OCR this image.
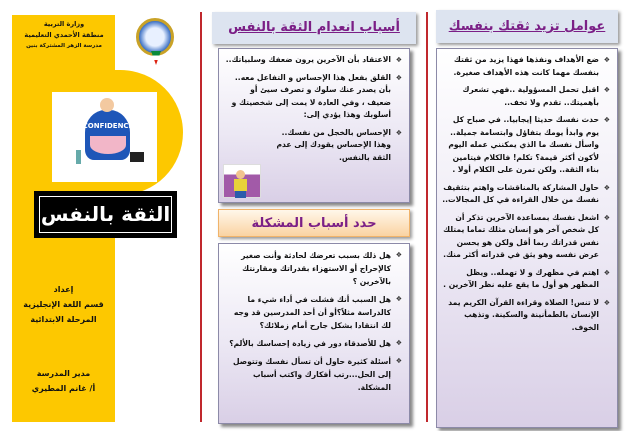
وزارة التربية
منطقة الأحمدي التعليمية
مدرسة الزهر المشتركة بنين
CONFIDENCE
الثقة بالنفس
إعداد
قسم اللغة الإنجليزية
المرحلة الابتدائية
مدير المدرسة
أ/ غانم المطيري
أسباب انعدام الثقة بالنفس
❖ الاعتقاد بأن الآخرين يرون ضعفك وسلبياتك..
❖ القلق بفعل هذا الإحساس و التفاعل معه.. بأن يصدر عنك سلوك و تصرف سيئ أو ضعيف ، وفي العادة لا يمت إلى شخصيتك و أسلوبك وهذا يؤدي إلى:
❖ الإحساس بالخجل من نفسك.. وهذا الإحساس يقودك إلى عدم الثقة بالنفس.
حدد أسباب المشكلة
❖ هل ذلك بسبب تعرضك لحادثة وأنت صغير كالإحراج أو الاستهزاء بقدراتك ومقارنتك بالآخرين ؟
❖ هل السبب أنك فشلت في أداء شيء ما كالدراسة مثلاً؟أو أن أحد المدرسين قد وجه لك انتقادا بشكل جارح أمام زملائك؟
❖ هل للأصدقاء دور في زيادة إحساسك بالألم؟
❖ أسئلة كثيرة حاول أن تسأل نفسك وتتوصل إلى الحل...رتب أفكارك واكتب أسباب المشكلة.
عوامل تزيد ثقتك بنفسك
❖ ضع الأهداف ونفذها فهذا يزيد من ثقتك بنفسك مهما كانت هذه الأهداف صغيرة.
❖ اقبل تحمل المسؤولية ..فهي تشعرك بأهميتك.. تقدم ولا تخف..
❖ حدث نفسك حديثا إيجابيا.. في صباح كل يوم وابدأ يومك بتفاؤل وابتسامة جميلة.. واسأل نفسك ما الذي يمكنني عمله اليوم لأكون أكثر قيمة؟ تكلم! فالكلام فيتامين بناء الثقة.. ولكن تمرن على الكلام أولا .
❖ حاول المشاركة بالمناقشات واهتم بتثقيف نفسك من خلال القراءة في كل المجالات..
❖ اشغل نفسك بمساعدة الآخرين تذكر أن كل شخص آخر هو إنسان مثلك تماما يمتلك نفس قدراتك ربما أقل ولكن هو يحسن عرض نفسه وهو يثق في قدراته أكثر منك.
❖ اهتم في مظهرك و لا تهمله.. ويظل المظهر هو أول ما يقع عليه نظر الآخرين .
❖ لا تنس! الصلاة وقراءة القرآن الكريم يمد الإنسان بالطمأنينة والسكينة. وتذهب الخوف.
